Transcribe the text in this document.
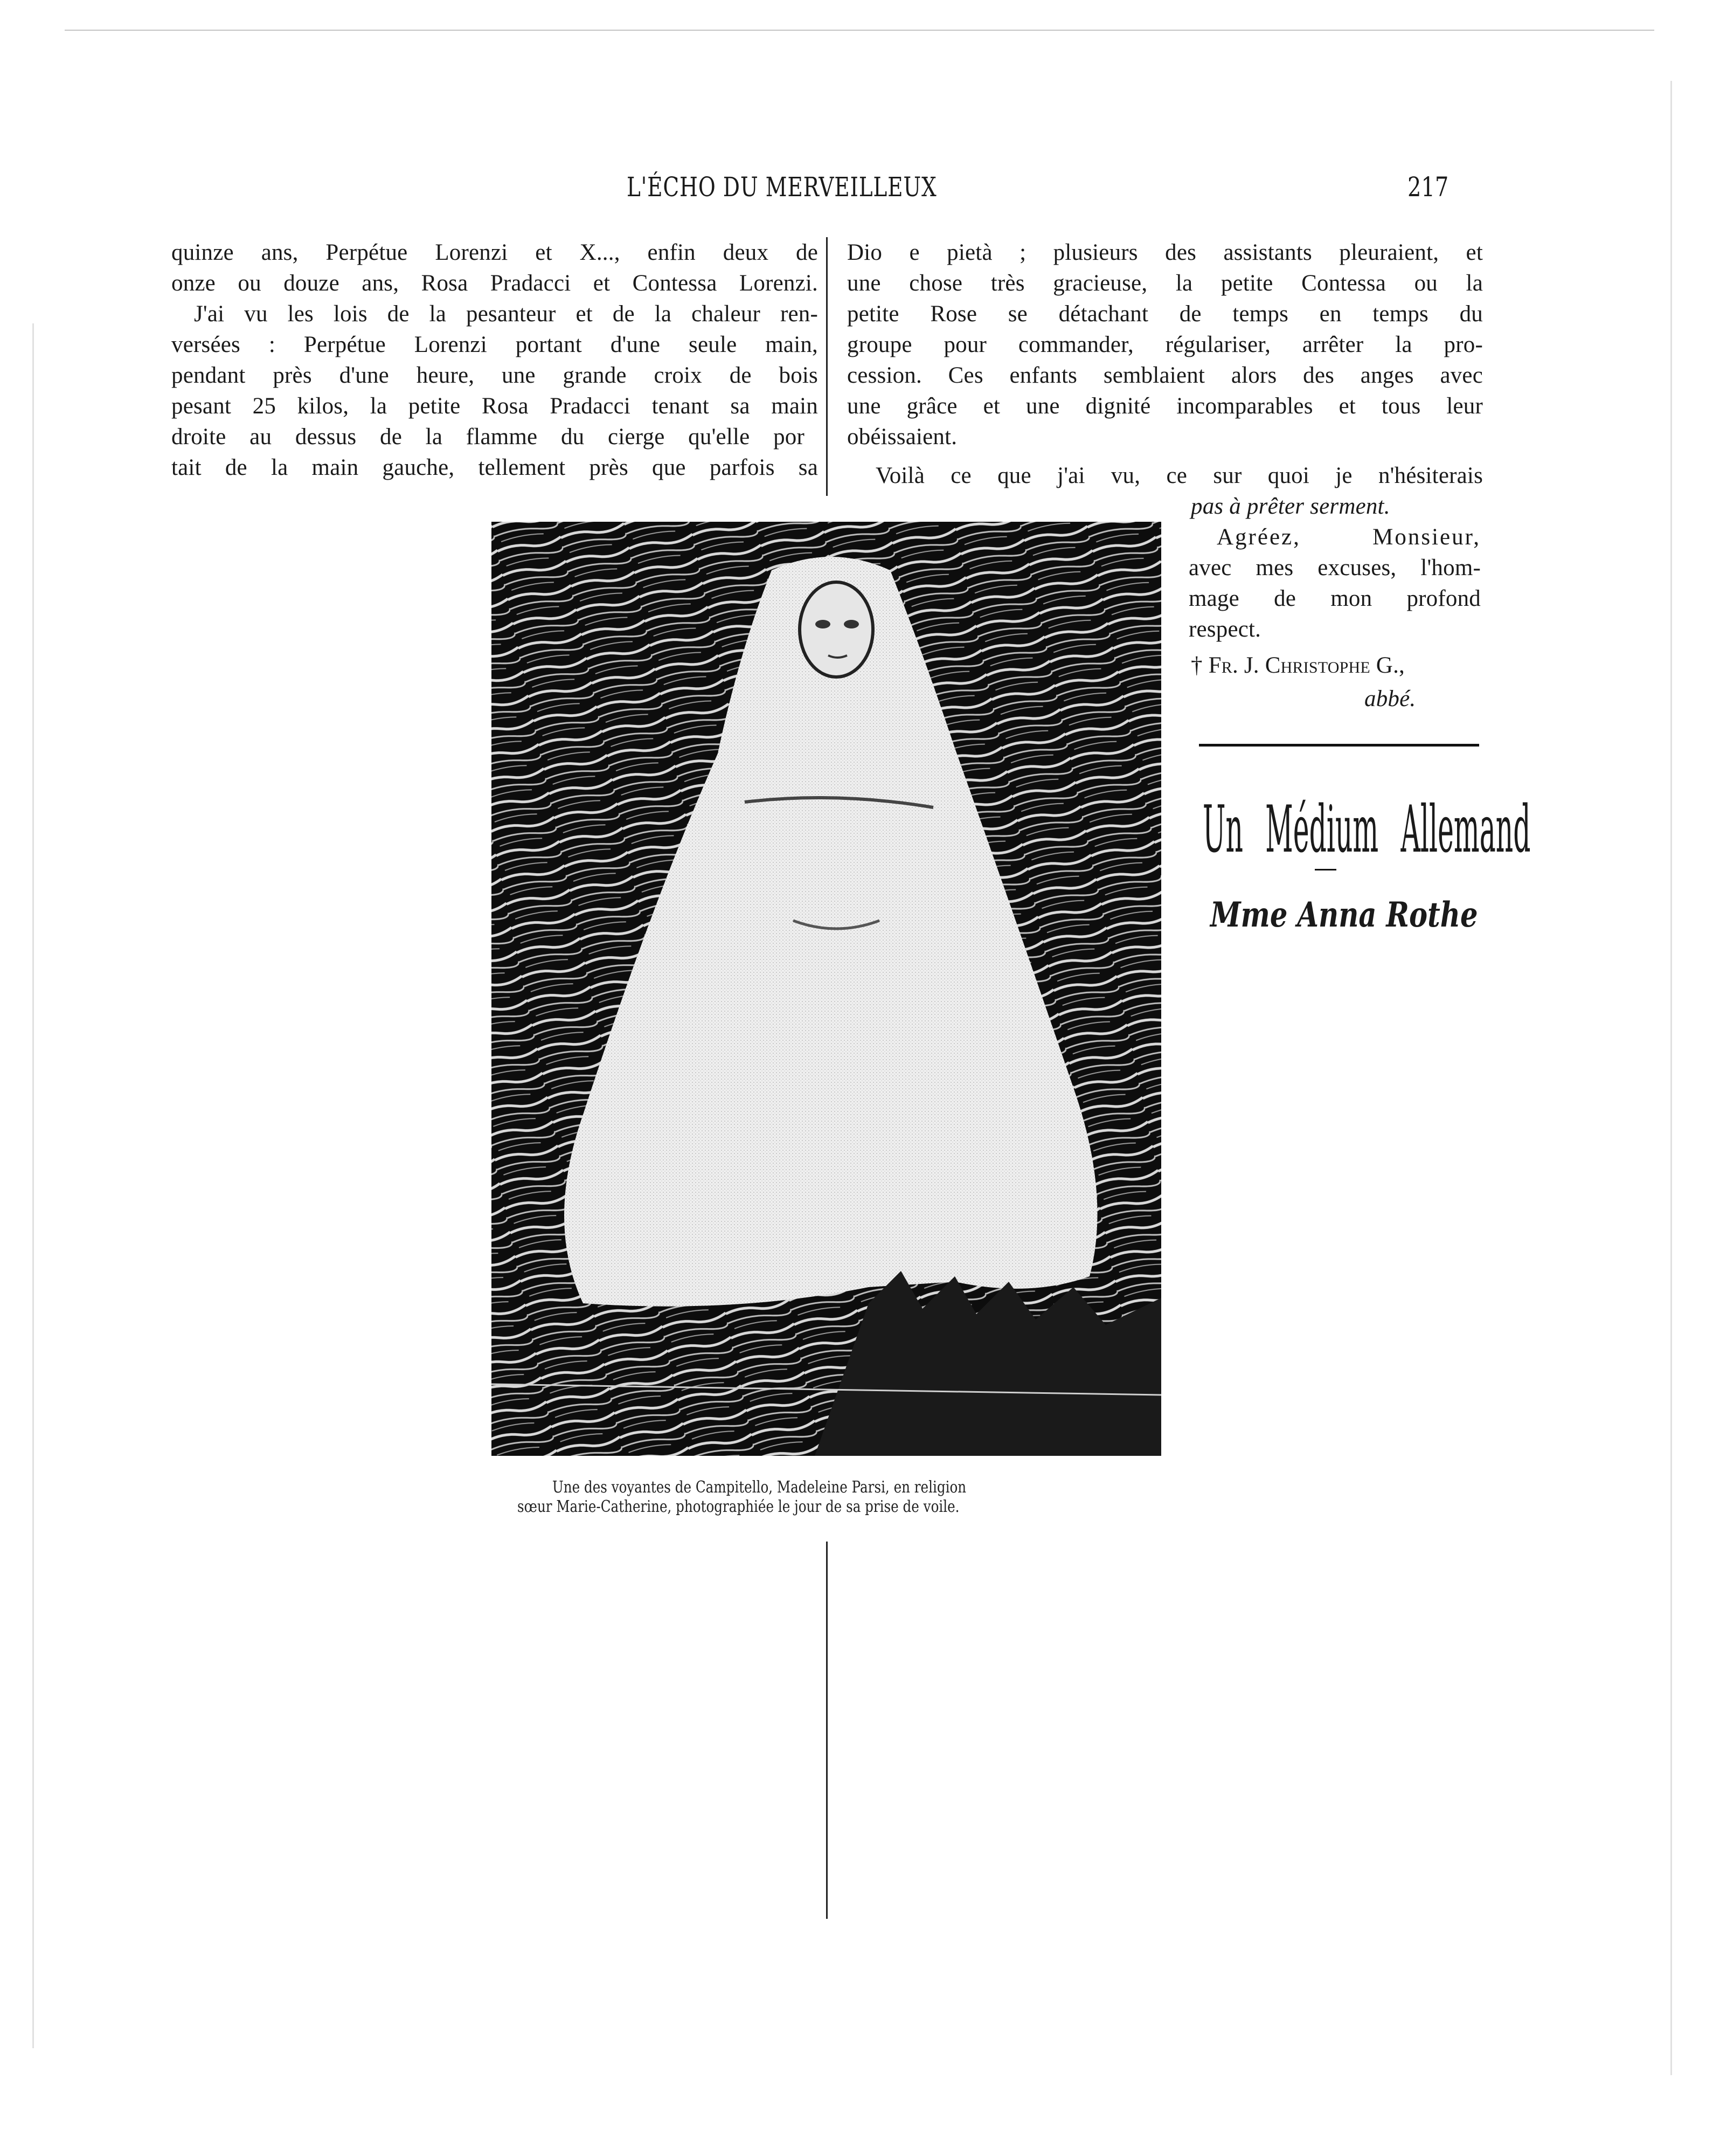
L'ÉCHO DU MERVEILLEUX	217
quinze ans, Perpétue Lorenzi et X..., enfin deux de
onze ou douze ans, Rosa Pradacci et Contessa Lorenzi.
J'ai vu les lois de la pesanteur et de la chaleur ren-
versées : Perpétue Lorenzi portant d'une seule main,
pendant près d'une heure, une grande croix de bois
pesant 25 kilos, la petite Rosa Pradacci tenant sa main
droite au dessus de la flamme du cierge qu'elle por
tait de la main gauche, tellement près que parfois sa
Une des voyantes de Campitello, Madeleine Parsi, en religion
sœur Marie-Catherine, photographiée le jour de sa prise de voile.
Dio e pietà ; plusieurs des assistants pleuraient, et
une chose très gracieuse, la petite Contessa ou la
petite Rose se détachant de temps en temps du
groupe pour commander, régulariser, arrêter la pro-
cession. Ces enfants semblaient alors des anges avec
une grâce et une dignité incomparables et tous leur
obéissaient.
Voilà ce que j'ai vu, ce sur quoi je n'hésiterais
pas à prêter serment.
Agréez, Monsieur,
avec mes excuses, l'hom-
mage de mon profond
respect.
† Fr. J. Christophe G.,
abbé.
Un Médium Allemand
Mme Anna Rothe
